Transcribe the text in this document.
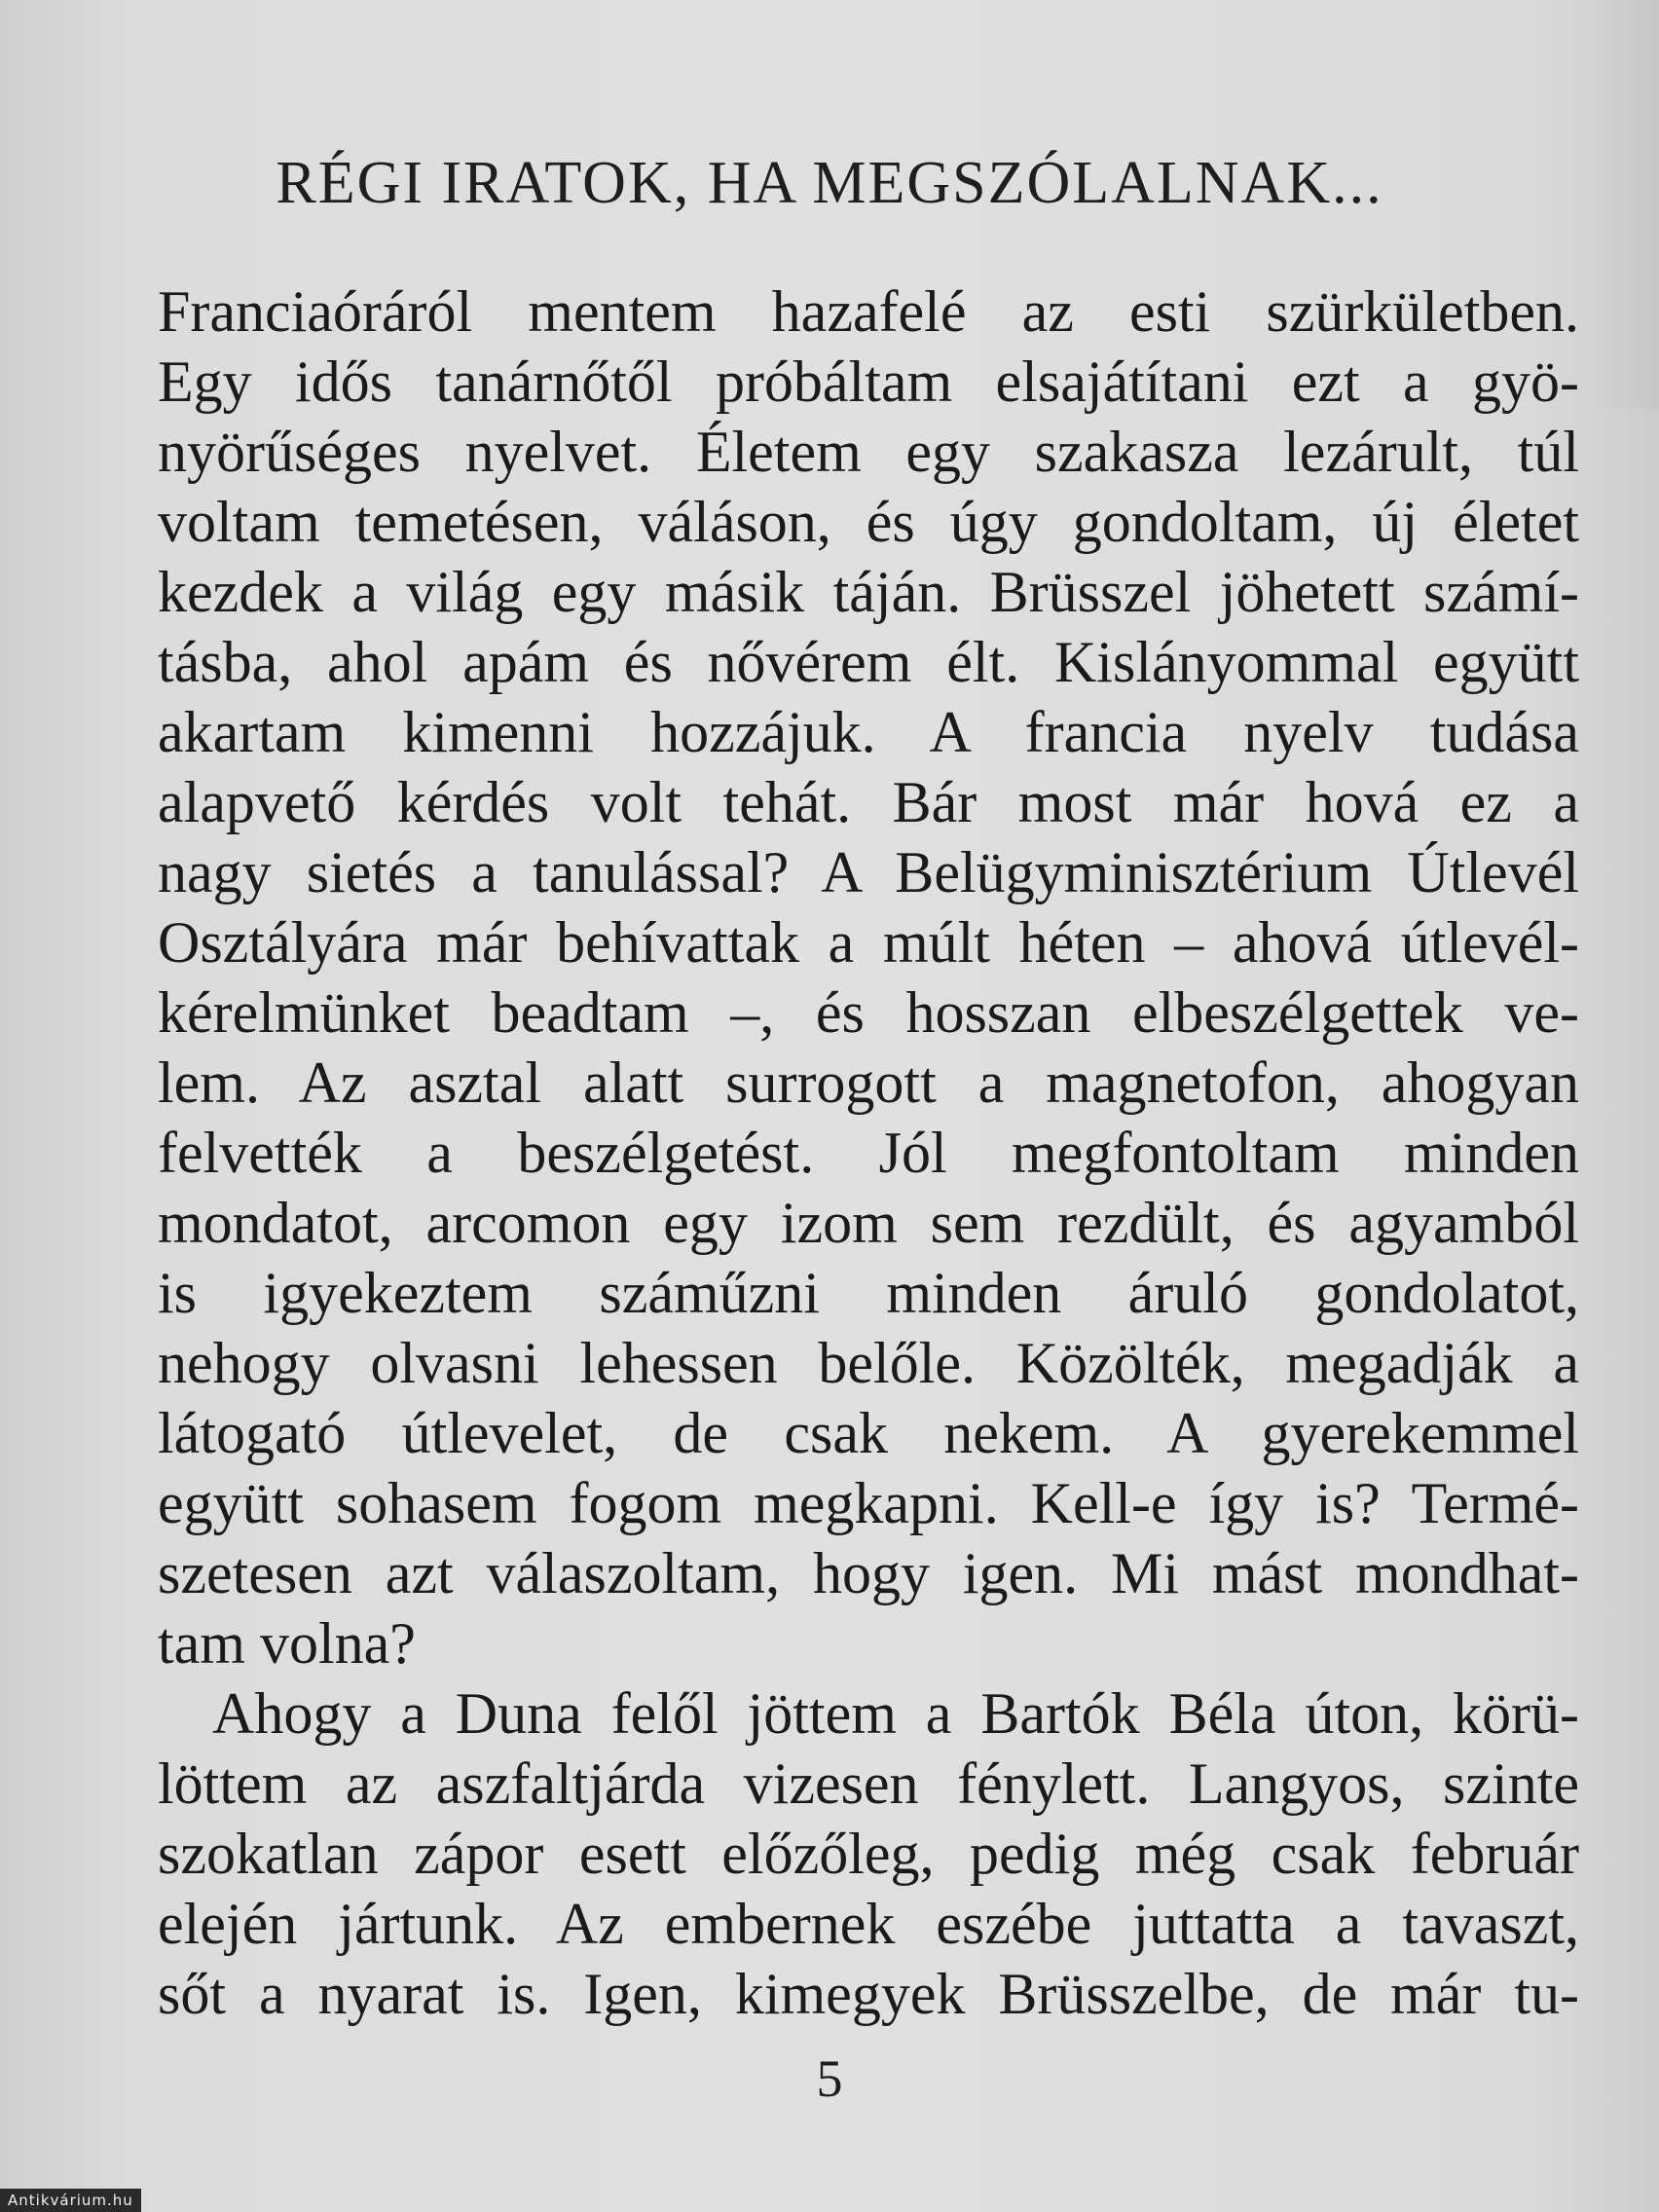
RÉGI IRATOK, HA MEGSZÓLALNAK...
Franciaóráról mentem hazafelé az esti szürkületben.
Egy idős tanárnőtől próbáltam elsajátítani ezt a gyö-
nyörűséges nyelvet. Életem egy szakasza lezárult, túl
voltam temetésen, váláson, és úgy gondoltam, új életet
kezdek a világ egy másik táján. Brüsszel jöhetett számí-
tásba, ahol apám és nővérem élt. Kislányommal együtt
akartam kimenni hozzájuk. A francia nyelv tudása
alapvető kérdés volt tehát. Bár most már hová ez a
nagy sietés a tanulással? A Belügyminisztérium Útlevél
Osztályára már behívattak a múlt héten – ahová útlevél-
kérelmünket beadtam –, és hosszan elbeszélgettek ve-
lem. Az asztal alatt surrogott a magnetofon, ahogyan
felvették a beszélgetést. Jól megfontoltam minden
mondatot, arcomon egy izom sem rezdült, és agyamból
is igyekeztem száműzni minden áruló gondolatot,
nehogy olvasni lehessen belőle. Közölték, megadják a
látogató útlevelet, de csak nekem. A gyerekemmel
együtt sohasem fogom megkapni. Kell-e így is? Termé-
szetesen azt válaszoltam, hogy igen. Mi mást mondhat-
tam volna?
Ahogy a Duna felől jöttem a Bartók Béla úton, körü-
löttem az aszfaltjárda vizesen fénylett. Langyos, szinte
szokatlan zápor esett előzőleg, pedig még csak február
elején jártunk. Az embernek eszébe juttatta a tavaszt,
sőt a nyarat is. Igen, kimegyek Brüsszelbe, de már tu-
5
Antikvárium.hu
